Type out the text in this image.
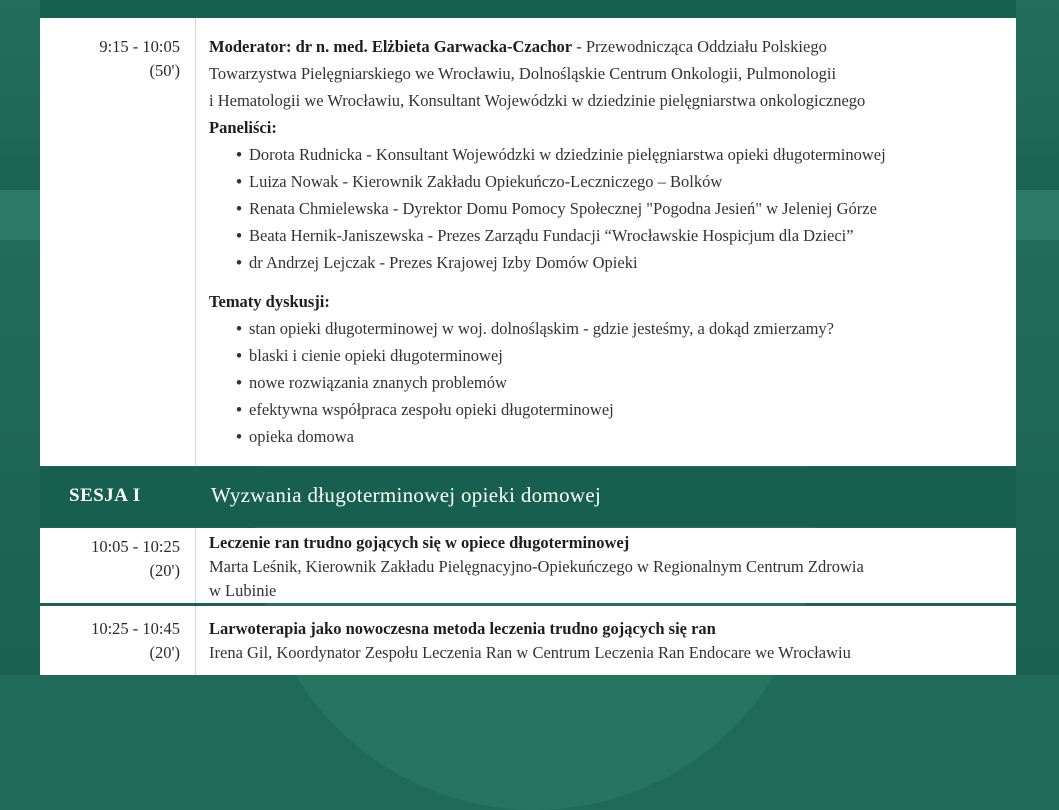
9:15 - 10:05
(50')
Moderator: dr n. med. Elżbieta Garwacka-Czachor - Przewodnicząca Oddziału Polskiego
Towarzystwa Pielęgniarskiego we Wrocławiu, Dolnośląskie Centrum Onkologii, Pulmonologii
i Hematologii we Wrocławiu, Konsultant Wojewódzki w dziedzinie pielęgniarstwa onkologicznego
Paneliści:
• Dorota Rudnicka - Konsultant Wojewódzki w dziedzinie pielęgniarstwa opieki długoterminowej
• Luiza Nowak - Kierownik Zakładu Opiekuńczo-Leczniczego – Bolków
• Renata Chmielewska - Dyrektor Domu Pomocy Społecznej "Pogodna Jesień" w Jeleniej Górze
• Beata Hernik-Janiszewska - Prezes Zarządu Fundacji “Wrocławskie Hospicjum dla Dzieci”
• dr Andrzej Lejczak - Prezes Krajowej Izby Domów Opieki
Tematy dyskusji:
• stan opieki długoterminowej w woj. dolnośląskim - gdzie jesteśmy, a dokąd zmierzamy?
• blaski i cienie opieki długoterminowej
• nowe rozwiązania znanych problemów
• efektywna współpraca zespołu opieki długoterminowej
• opieka domowa
SESJA I	Wyzwania długoterminowej opieki domowej
10:05 - 10:25
(20')
Leczenie ran trudno gojących się w opiece długoterminowej
Marta Leśnik, Kierownik Zakładu Pielęgnacyjno-Opiekuńczego w Regionalnym Centrum Zdrowia
w Lubinie
10:25 - 10:45
(20')
Larwoterapia jako nowoczesna metoda leczenia trudno gojących się ran
Irena Gil, Koordynator Zespołu Leczenia Ran w Centrum Leczenia Ran Endocare we Wrocławiu
